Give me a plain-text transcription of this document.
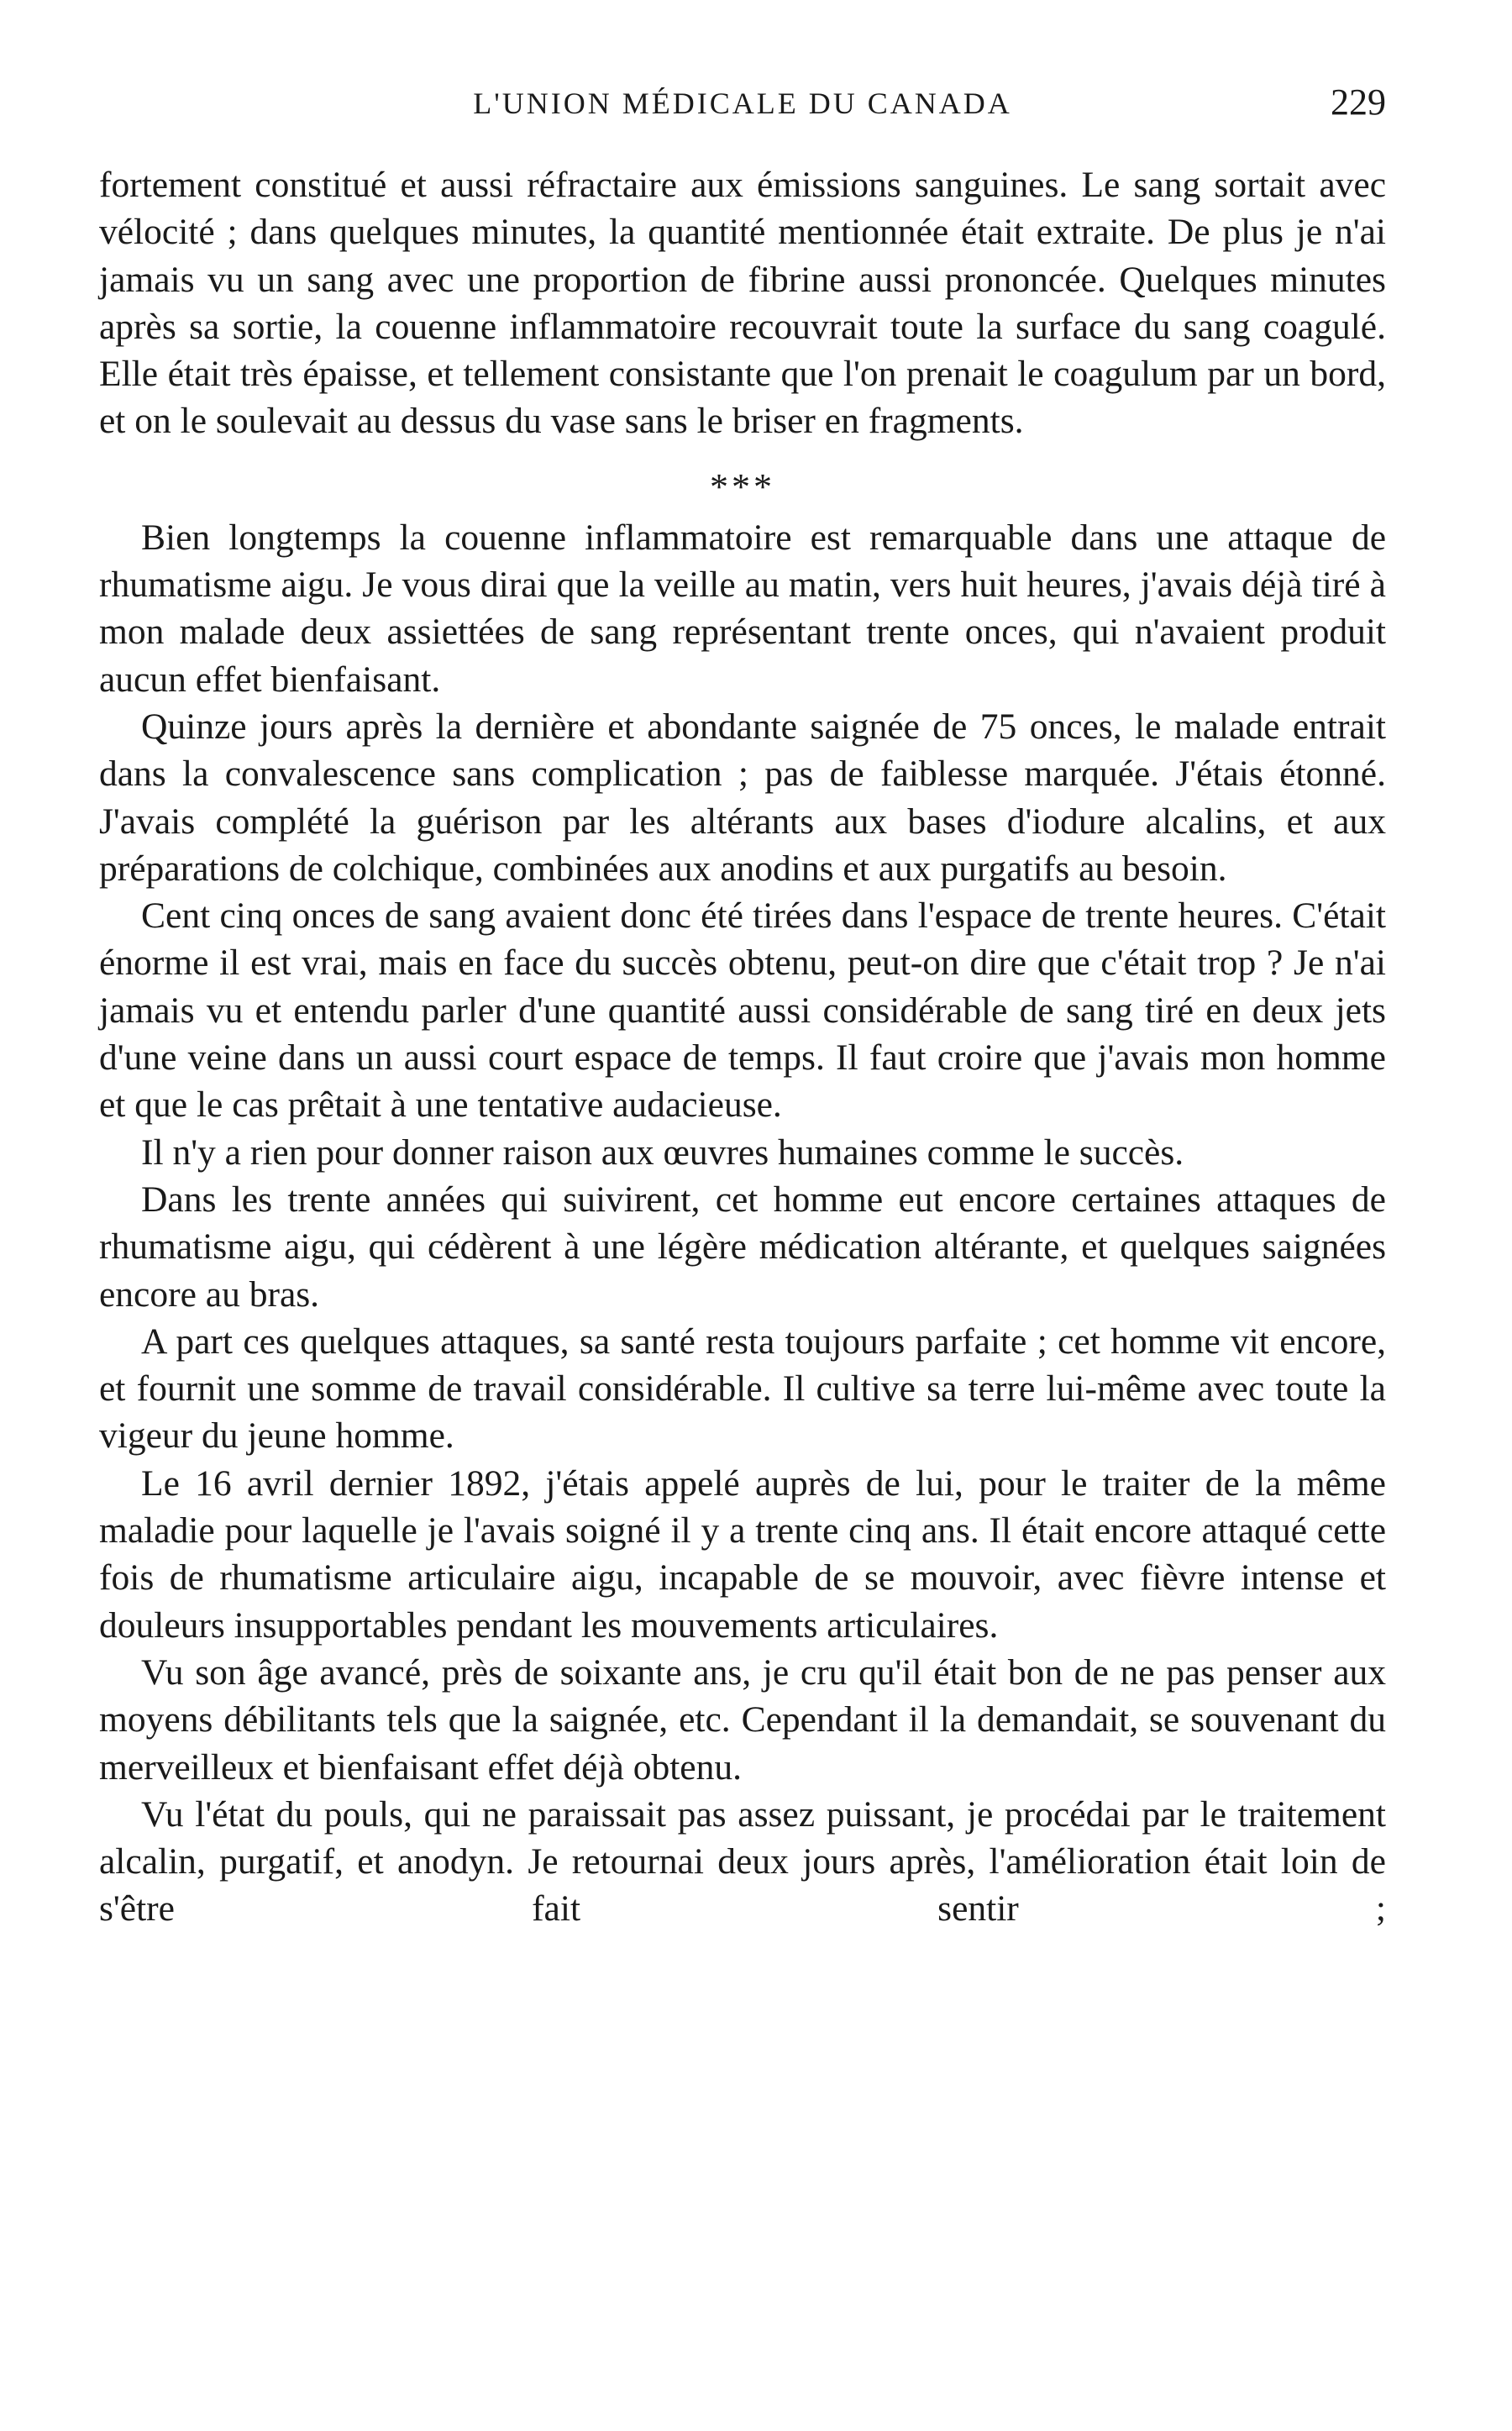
L'UNION MÉDICALE DU CANADA	229

fortement constitué et aussi réfractaire aux émissions sanguines. Le sang sortait avec vélocité ; dans quelques minutes, la quantité mentionnée était extraite. De plus je n'ai jamais vu un sang avec une proportion de fibrine aussi prononcée. Quelques minutes après sa sortie, la couenne inflammatoire recouvrait toute la surface du sang coagulé. Elle était très épaisse, et tellement consistante que l'on prenait le coagulum par un bord, et on le soulevait au dessus du vase sans le briser en fragments.

***

Bien longtemps la couenne inflammatoire est remarquable dans une attaque de rhumatisme aigu. Je vous dirai que la veille au matin, vers huit heures, j'avais déjà tiré à mon malade deux assiettées de sang représentant trente onces, qui n'avaient produit aucun effet bienfaisant.

Quinze jours après la dernière et abondante saignée de 75 onces, le malade entrait dans la convalescence sans complication ; pas de faiblesse marquée. J'étais étonné. J'avais complété la guérison par les altérants aux bases d'iodure alcalins, et aux préparations de colchique, combinées aux anodins et aux purgatifs au besoin.

Cent cinq onces de sang avaient donc été tirées dans l'espace de trente heures. C'était énorme il est vrai, mais en face du succès obtenu, peut-on dire que c'était trop ? Je n'ai jamais vu et entendu parler d'une quantité aussi considérable de sang tiré en deux jets d'une veine dans un aussi court espace de temps. Il faut croire que j'avais mon homme et que le cas prêtait à une tentative audacieuse.

Il n'y a rien pour donner raison aux œuvres humaines comme le succès.

Dans les trente années qui suivirent, cet homme eut encore certaines attaques de rhumatisme aigu, qui cédèrent à une légère médication altérante, et quelques saignées encore au bras.

A part ces quelques attaques, sa santé resta toujours parfaite ; cet homme vit encore, et fournit une somme de travail considérable. Il cultive sa terre lui-même avec toute la vigeur du jeune homme.

Le 16 avril dernier 1892, j'étais appelé auprès de lui, pour le traiter de la même maladie pour laquelle je l'avais soigné il y a trente cinq ans. Il était encore attaqué cette fois de rhumatisme articulaire aigu, incapable de se mouvoir, avec fièvre intense et douleurs insupportables pendant les mouvements articulaires.

Vu son âge avancé, près de soixante ans, je cru qu'il était bon de ne pas penser aux moyens débilitants tels que la saignée, etc. Cependant il la demandait, se souvenant du merveilleux et bienfaisant effet déjà obtenu.

Vu l'état du pouls, qui ne paraissait pas assez puissant, je procédai par le traitement alcalin, purgatif, et anodyn. Je retournai deux jours après, l'amélioration était loin de s'être fait sentir ;
